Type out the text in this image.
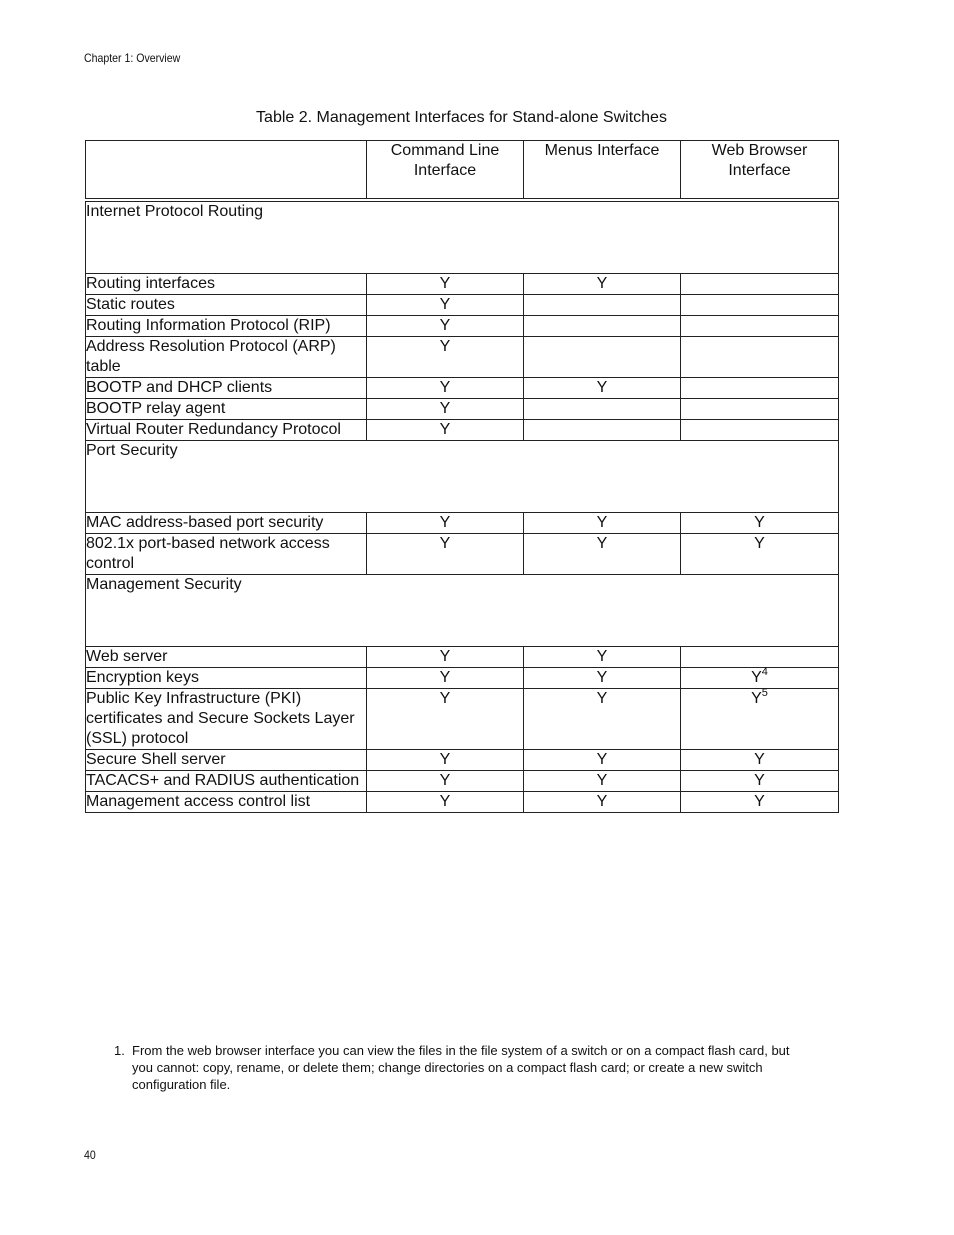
Chapter 1: Overview
Table 2. Management Interfaces for Stand-alone Switches
	Command Line Interface	Menus Interface	Web Browser Interface
Internet Protocol Routing			
Routing interfaces	Y	Y	
Static routes	Y		
Routing Information Protocol (RIP)	Y		
Address Resolution Protocol (ARP) table	Y		
BOOTP and DHCP clients	Y	Y	
BOOTP relay agent	Y		
Virtual Router Redundancy Protocol	Y		
Port Security			
MAC address-based port security	Y	Y	Y
802.1x port-based network access control	Y	Y	Y
Management Security			
Web server	Y	Y	
Encryption keys	Y	Y	$Y^4$
Public Key Infrastructure (PKI) certificates and Secure Sockets Layer (SSL) protocol	Y	Y	$Y^5$
Secure Shell server	Y	Y	Y
TACACS+ and RADIUS authentication	Y	Y	Y
Management access control list	Y	Y	Y
1. From the web browser interface you can view the files in the file system of a switch or on a compact flash card, but you cannot: copy, rename, or delete them; change directories on a compact flash card; or create a new switch configuration file.
40
